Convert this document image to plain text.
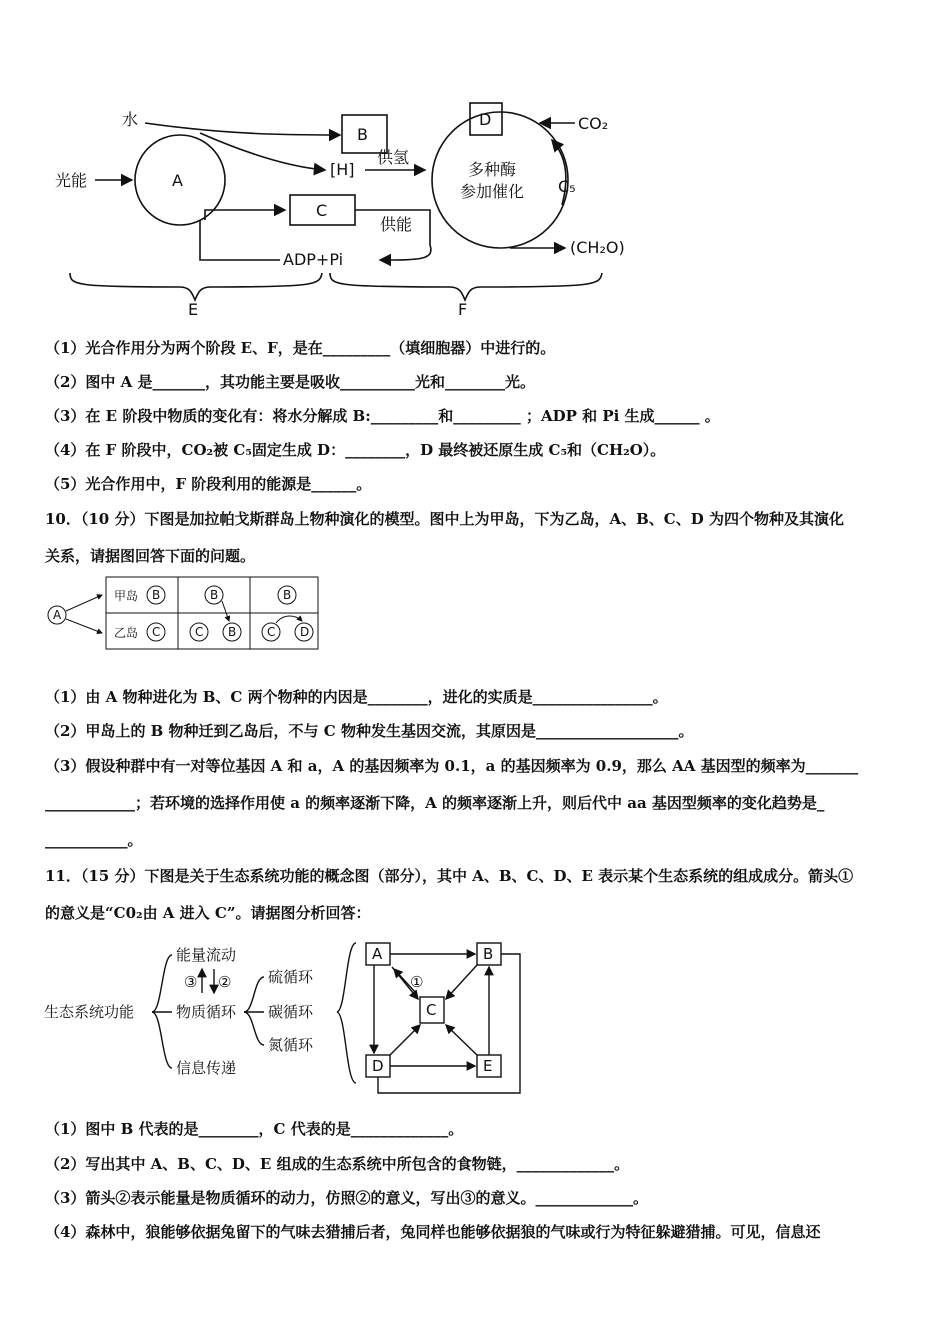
水
光能	A
B
[H]
供氢
C
供能
ADP+Pi
D	CO₂
多种酶
参加催化 C₅
(CH₂O)
E	F
（1）光合作用分为两个阶段 E、F，是在_________（填细胞器）中进行的。
（2）图中 A 是_______，其功能主要是吸收__________光和________光。
（3）在 E 阶段中物质的变化有：将水分解成 B:_________和_________ ；ADP 和 Pi 生成______ 。
（4）在 F 阶段中，CO₂被 C₅固定生成 D：________，D 最终被还原生成 C₅和（CH₂O）。
（5）光合作用中，F 阶段利用的能源是______。
10．（10 分）下图是加拉帕戈斯群岛上物种演化的模型。图中上为甲岛，下为乙岛，A、B、C、D 为四个物种及其演化
关系，请据图回答下面的问题。
A
甲岛
乙岛
B
C
B
C B
B
C D
（1）由 A 物种进化为 B、C 两个物种的内因是________，进化的实质是________________。
（2）甲岛上的 B 物种迁到乙岛后，不与 C 物种发生基因交流，其原因是___________________。
（3）假设种群中有一对等位基因 A 和 a，A 的基因频率为 0.1，a 的基因频率为 0.9，那么 AA 基因型的频率为_______
____________；若环境的选择作用使 a 的频率逐渐下降，A 的频率逐渐上升，则后代中 aa 基因型频率的变化趋势是_
___________。
11．（15 分）下图是关于生态系统功能的概念图（部分），其中 A、B、C、D、E 表示某个生态系统的组成成分。箭头①
的意义是“C0₂由 A 进入 C”。请据图分析回答：
生态系统功能
能量流动
物质循环
信息传递
③ ② 硫循环
碳循环
氮循环
A	B
C
D	E
①
（1）图中 B 代表的是________，C 代表的是_____________。
（2）写出其中 A、B、C、D、E 组成的生态系统中所包含的食物链，_____________。
（3）箭头②表示能量是物质循环的动力，仿照②的意义，写出③的意义。_____________。
（4）森林中，狼能够依据兔留下的气味去猎捕后者，兔同样也能够依据狼的气味或行为特征躲避猎捕。可见，信息还
